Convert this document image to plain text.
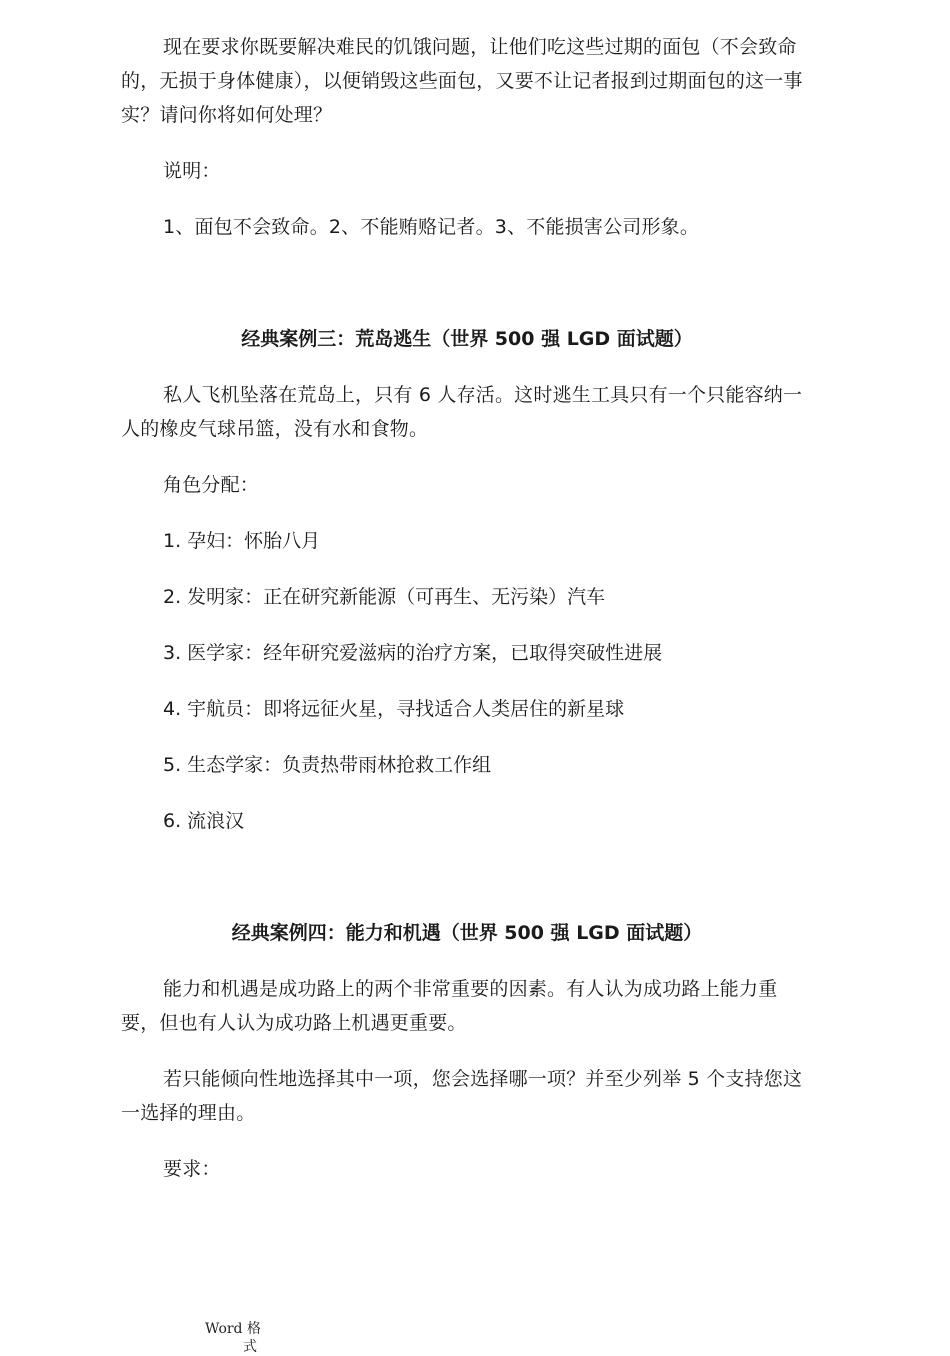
现在要求你既要解决难民的饥饿问题，让他们吃这些过期的面包（不会致命的，无损于身体健康），以便销毁这些面包，又要不让记者报到过期面包的这一事实？请问你将如何处理？

说明：

1、面包不会致命。2、不能贿赂记者。3、不能损害公司形象。

经典案例三：荒岛逃生（世界 500 强 LGD 面试题）

私人飞机坠落在荒岛上，只有 6 人存活。这时逃生工具只有一个只能容纳一人的橡皮气球吊篮，没有水和食物。

角色分配：

1. 孕妇：怀胎八月
2. 发明家：正在研究新能源（可再生、无污染）汽车
3. 医学家：经年研究爱滋病的治疗方案，已取得突破性进展
4. 宇航员：即将远征火星，寻找适合人类居住的新星球
5. 生态学家：负责热带雨林抢救工作组
6. 流浪汉
经典案例四：能力和机遇（世界 500 强 LGD 面试题）

能力和机遇是成功路上的两个非常重要的因素。有人认为成功路上能力重要，但也有人认为成功路上机遇更重要。

若只能倾向性地选择其中一项，您会选择哪一项？并至少列举 5 个支持您这一选择的理由。

要求：

Word 格
式
